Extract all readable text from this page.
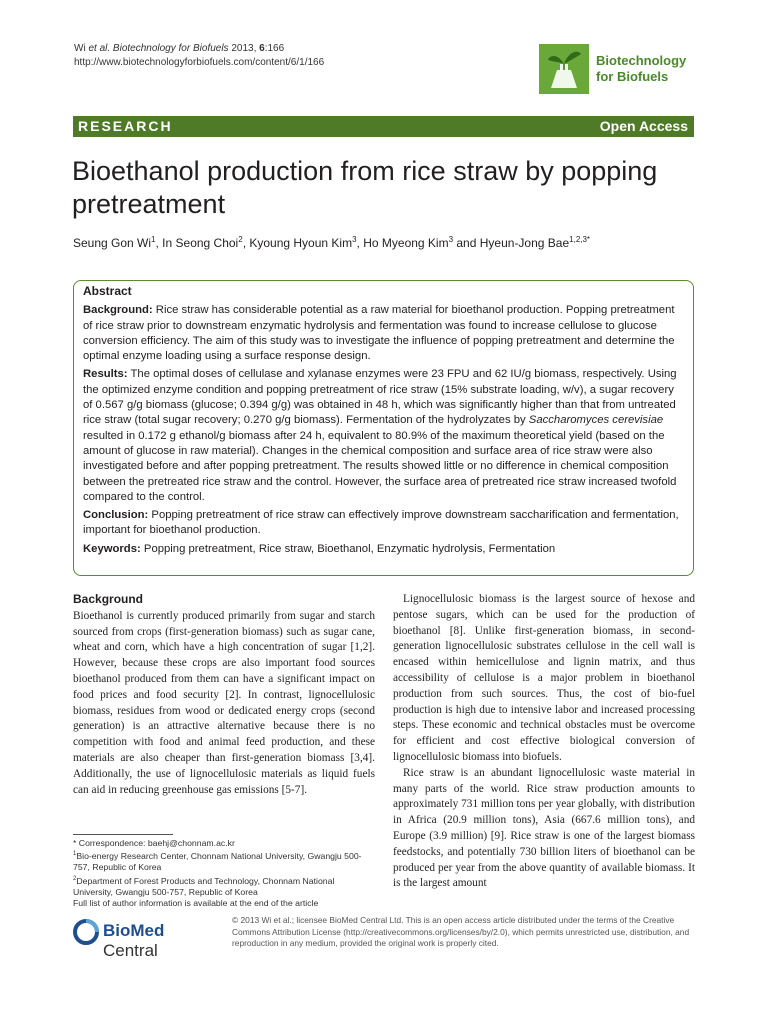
Wi et al. Biotechnology for Biofuels 2013, 6:166
http://www.biotechnologyforbiofuels.com/content/6/1/166	Biotechnology
for Biofuels
RESEARCH	Open Access
Bioethanol production from rice straw by popping pretreatment
Seung Gon Wi$^1$, In Seong Choi$^2$, Kyoung Hyoun Kim$^3$, Ho Myeong Kim$^3$ and Hyeun-Jong Bae$^{1,2,3*}$
Abstract

Background: Rice straw has considerable potential as a raw material for bioethanol production. Popping pretreatment of rice straw prior to downstream enzymatic hydrolysis and fermentation was found to increase cellulose to glucose conversion efficiency. The aim of this study was to investigate the influence of popping pretreatment and determine the optimal enzyme loading using a surface response design.

Results: The optimal doses of cellulase and xylanase enzymes were 23 FPU and 62 IU/g biomass, respectively. Using the optimized enzyme condition and popping pretreatment of rice straw (15% substrate loading, w/v), a sugar recovery of 0.567 g/g biomass (glucose; 0.394 g/g) was obtained in 48 h, which was significantly higher than that from untreated rice straw (total sugar recovery; 0.270 g/g biomass). Fermentation of the hydrolyzates by Saccharomyces cerevisiae resulted in 0.172 g ethanol/g biomass after 24 h, equivalent to 80.9% of the maximum theoretical yield (based on the amount of glucose in raw material). Changes in the chemical composition and surface area of rice straw were also investigated before and after popping pretreatment. The results showed little or no difference in chemical composition between the pretreated rice straw and the control. However, the surface area of pretreated rice straw increased twofold compared to the control.

Conclusion: Popping pretreatment of rice straw can effectively improve downstream saccharification and fermentation, important for bioethanol production.

Keywords: Popping pretreatment, Rice straw, Bioethanol, Enzymatic hydrolysis, Fermentation

Background

Bioethanol is currently produced primarily from sugar and starch sourced from crops (first-generation biomass) such as sugar cane, wheat and corn, which have a high concentration of sugar [1,2]. However, because these crops are also important food sources bioethanol produced from them can have a significant impact on food prices and food security [2]. In contrast, lignocellulosic biomass, residues from wood or dedicated energy crops (second generation) is an attractive alternative because there is no competition with food and animal feed production, and these materials are also cheaper than first-generation biomass [3,4]. Additionally, the use of lignocellulosic materials as liquid fuels can aid in reducing greenhouse gas emissions [5-7].

Lignocellulosic biomass is the largest source of hexose and pentose sugars, which can be used for the production of bioethanol [8]. Unlike first-generation biomass, in second-generation lignocellulosic substrates cellulose in the cell wall is encased within hemicellulose and lignin matrix, and thus accessibility of cellulose is a major problem in bioethanol production from such sources. Thus, the cost of bio-fuel production is high due to intensive labor and increased processing steps. These economic and technical obstacles must be overcome for efficient and cost effective biological conversion of lignocellulosic biomass into biofuels.

Rice straw is an abundant lignocellulosic waste material in many parts of the world. Rice straw production amounts to approximately 731 million tons per year globally, with distribution in Africa (20.9 million tons), Asia (667.6 million tons), and Europe (3.9 million) [9]. Rice straw is one of the largest biomass feedstocks, and potentially 730 billion liters of bioethanol can be produced per year from the above quantity of available biomass. It is the largest amount

* Correspondence: baehj@chonnam.ac.kr
$^1$Bio-energy Research Center, Chonnam National University, Gwangju 500-757, Republic of Korea
$^2$Department of Forest Products and Technology, Chonnam National University, Gwangju 500-757, Republic of Korea
Full list of author information is available at the end of the article
BioMed Central
© 2013 Wi et al.; licensee BioMed Central Ltd. This is an open access article distributed under the terms of the Creative Commons Attribution License (http://creativecommons.org/licenses/by/2.0), which permits unrestricted use, distribution, and reproduction in any medium, provided the original work is properly cited.
